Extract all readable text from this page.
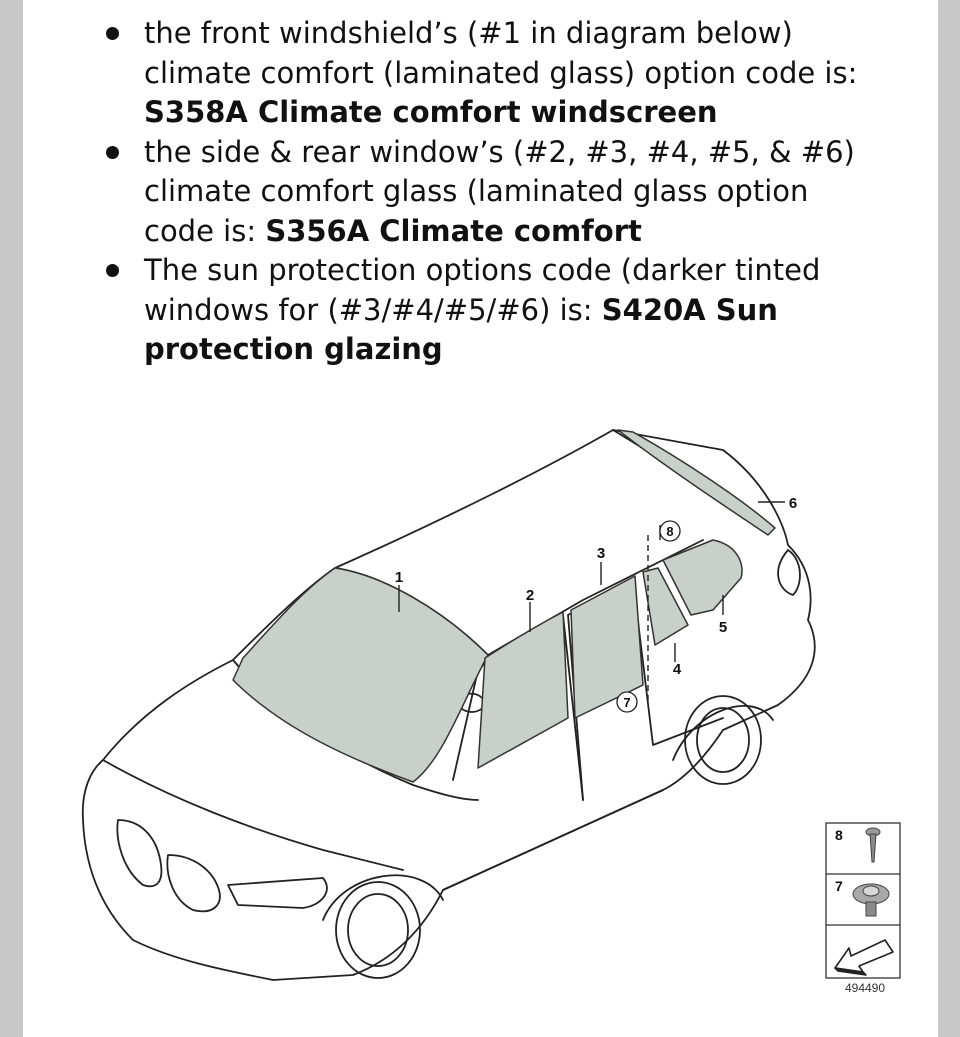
the front windshield’s (#1 in diagram below)
climate comfort (laminated glass) option code is:
S358A Climate comfort windscreen
the side & rear window’s (#2, #3, #4, #5, & #6)
climate comfort glass (laminated glass option
code is: S356A Climate comfort
The sun protection options code (darker tinted
windows for (#3/#4/#5/#6) is: S420A Sun
protection glazing
1
2
3
4
5
6
7
8
8
7
494490
